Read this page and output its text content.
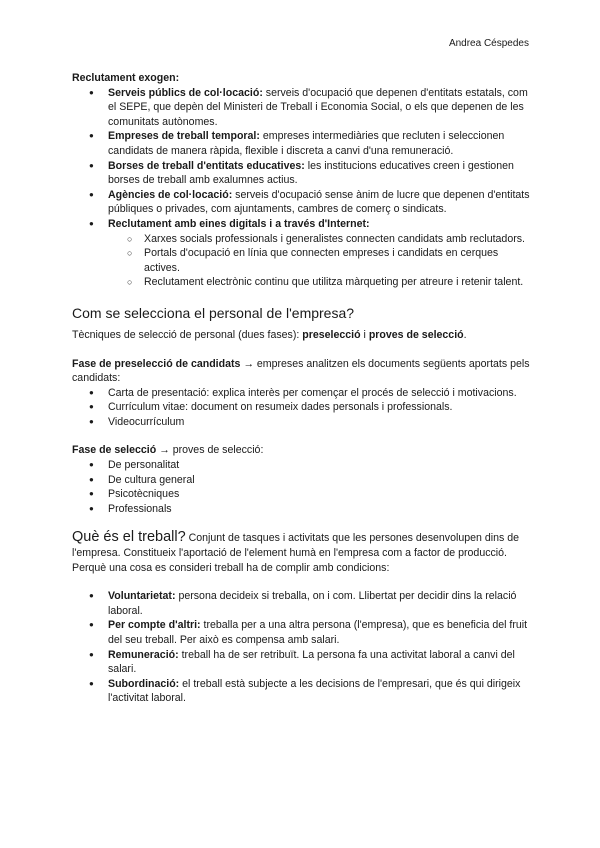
Andrea Céspedes

Reclutament exogen:

● Serveis públics de col·locació: serveis d'ocupació que depenen d'entitats estatals, com el SEPE, que depèn del Ministeri de Treball i Economia Social, o els que depenen de les comunitats autònomes.
● Empreses de treball temporal: empreses intermediàries que recluten i seleccionen candidats de manera ràpida, flexible i discreta a canvi d'una remuneració.
● Borses de treball d'entitats educatives: les institucions educatives creen i gestionen borses de treball amb exalumnes actius.
● Agències de col·locació: serveis d'ocupació sense ànim de lucre que depenen d'entitats públiques o privades, com ajuntaments, cambres de comerç o sindicats.
● Reclutament amb eines digitals i a través d'Internet:
○ Xarxes socials professionals i generalistes connecten candidats amb reclutadors.
○ Portals d'ocupació en línia que connecten empreses i candidats en cerques actives.
○ Reclutament electrònic continu que utilitza màrqueting per atreure i retenir talent.
Com se selecciona el personal de l'empresa?

Tècniques de selecció de personal (dues fases): preselecció i proves de selecció.

Fase de preselecció de candidats → empreses analitzen els documents següents aportats pels candidats:

● Carta de presentació: explica interès per començar el procés de selecció i motivacions.
● Currículum vitae: document on resumeix dades personals i professionals.
● Videocurrículum

Fase de selecció → proves de selecció:

● De personalitat
● De cultura general
● Psicotècniques
● Professionals

Què és el treball? Conjunt de tasques i activitats que les persones desenvolupen dins de l'empresa. Constitueix l'aportació de l'element humà en l'empresa com a factor de producció. Perquè una cosa es consideri treball ha de complir amb condicions:

● Voluntarietat: persona decideix si treballa, on i com. Llibertat per decidir dins la relació laboral.
● Per compte d'altri: treballa per a una altra persona (l'empresa), que es beneficia del fruit del seu treball. Per això es compensa amb salari.
● Remuneració: treball ha de ser retribuït. La persona fa una activitat laboral a canvi del salari.
● Subordinació: el treball està subjecte a les decisions de l'empresari, que és qui dirigeix l'activitat laboral.
